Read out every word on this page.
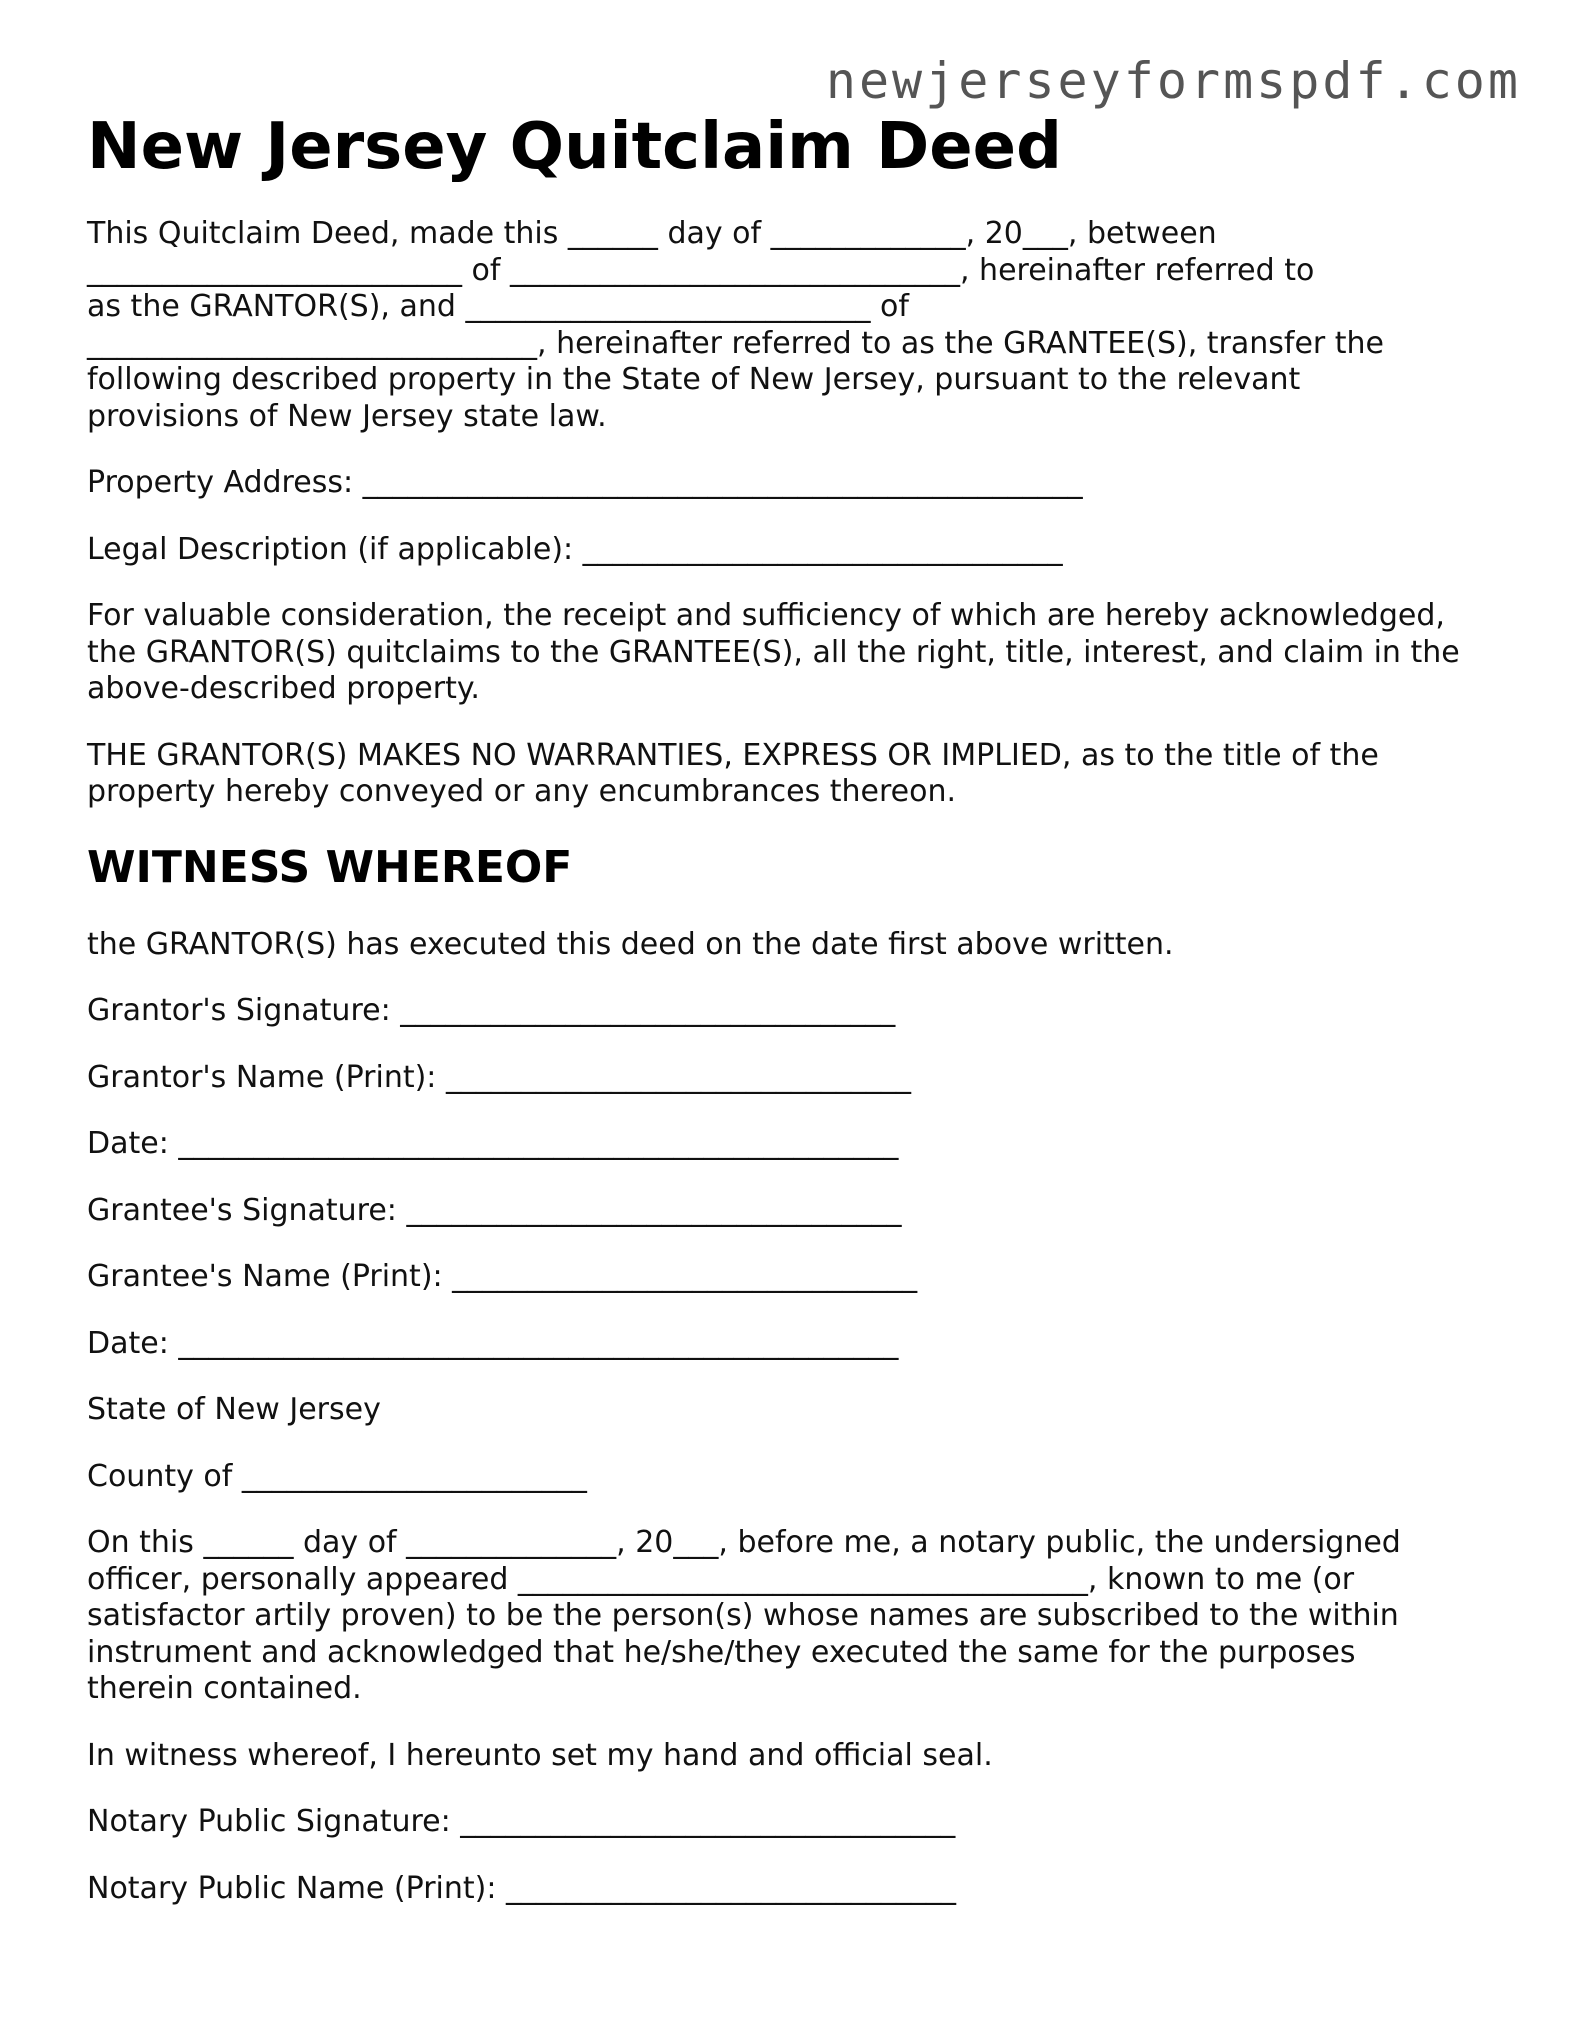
newjerseyformspdf.com
New Jersey Quitclaim Deed

This Quitclaim Deed, made this ______ day of _____________, 20___, between
_________________________ of ______________________________, hereinafter referred to
as the GRANTOR(S), and ___________________________ of
______________________________, hereinafter referred to as the GRANTEE(S), transfer the
following described property in the State of New Jersey, pursuant to the relevant
provisions of New Jersey state law.

Property Address: ________________________________________________

Legal Description (if applicable): ________________________________

For valuable consideration, the receipt and sufficiency of which are hereby acknowledged,
the GRANTOR(S) quitclaims to the GRANTEE(S), all the right, title, interest, and claim in the
above-described property.

THE GRANTOR(S) MAKES NO WARRANTIES, EXPRESS OR IMPLIED, as to the title of the
property hereby conveyed or any encumbrances thereon.

WITNESS WHEREOF

the GRANTOR(S) has executed this deed on the date first above written.

Grantor's Signature: _________________________________

Grantor's Name (Print): _______________________________

Date: ________________________________________________

Grantee's Signature: _________________________________

Grantee's Name (Print): _______________________________

Date: ________________________________________________

State of New Jersey

County of _______________________

On this ______ day of ______________, 20___, before me, a notary public, the undersigned
officer, personally appeared ______________________________________, known to me (or
satisfactor artily proven) to be the person(s) whose names are subscribed to the within
instrument and acknowledged that he/she/they executed the same for the purposes
therein contained.

In witness whereof, I hereunto set my hand and official seal.

Notary Public Signature: _________________________________

Notary Public Name (Print): ______________________________
